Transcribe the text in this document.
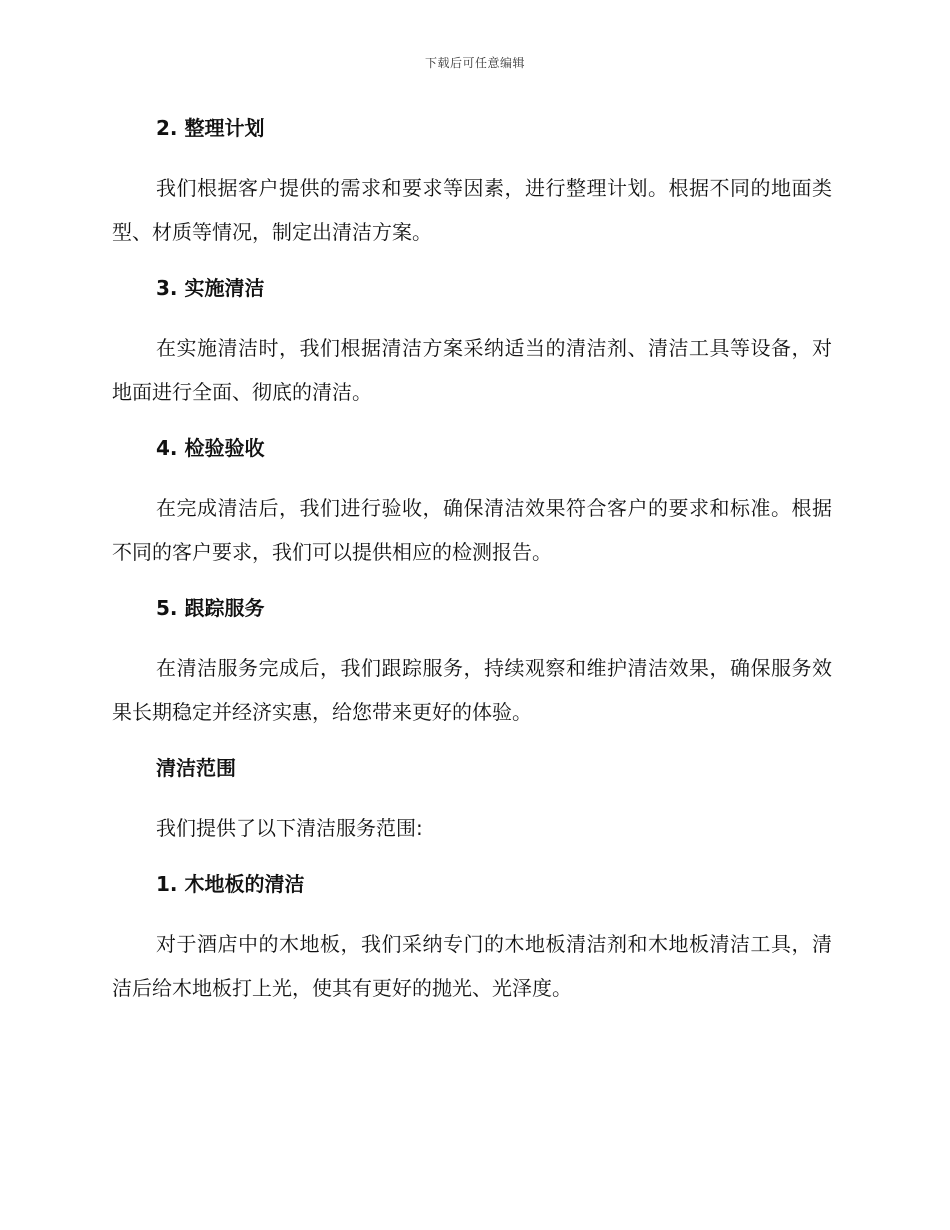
下载后可任意编辑
2. 整理计划

我们根据客户提供的需求和要求等因素，进行整理计划。根据不同的地面类型、材质等情况，制定出清洁方案。

3. 实施清洁

在实施清洁时，我们根据清洁方案采纳适当的清洁剂、清洁工具等设备，对地面进行全面、彻底的清洁。

4. 检验验收

在完成清洁后，我们进行验收，确保清洁效果符合客户的要求和标准。根据不同的客户要求，我们可以提供相应的检测报告。

5. 跟踪服务

在清洁服务完成后，我们跟踪服务，持续观察和维护清洁效果，确保服务效果长期稳定并经济实惠，给您带来更好的体验。

清洁范围

我们提供了以下清洁服务范围:

1. 木地板的清洁

对于酒店中的木地板，我们采纳专门的木地板清洁剂和木地板清洁工具，清洁后给木地板打上光，使其有更好的抛光、光泽度。
